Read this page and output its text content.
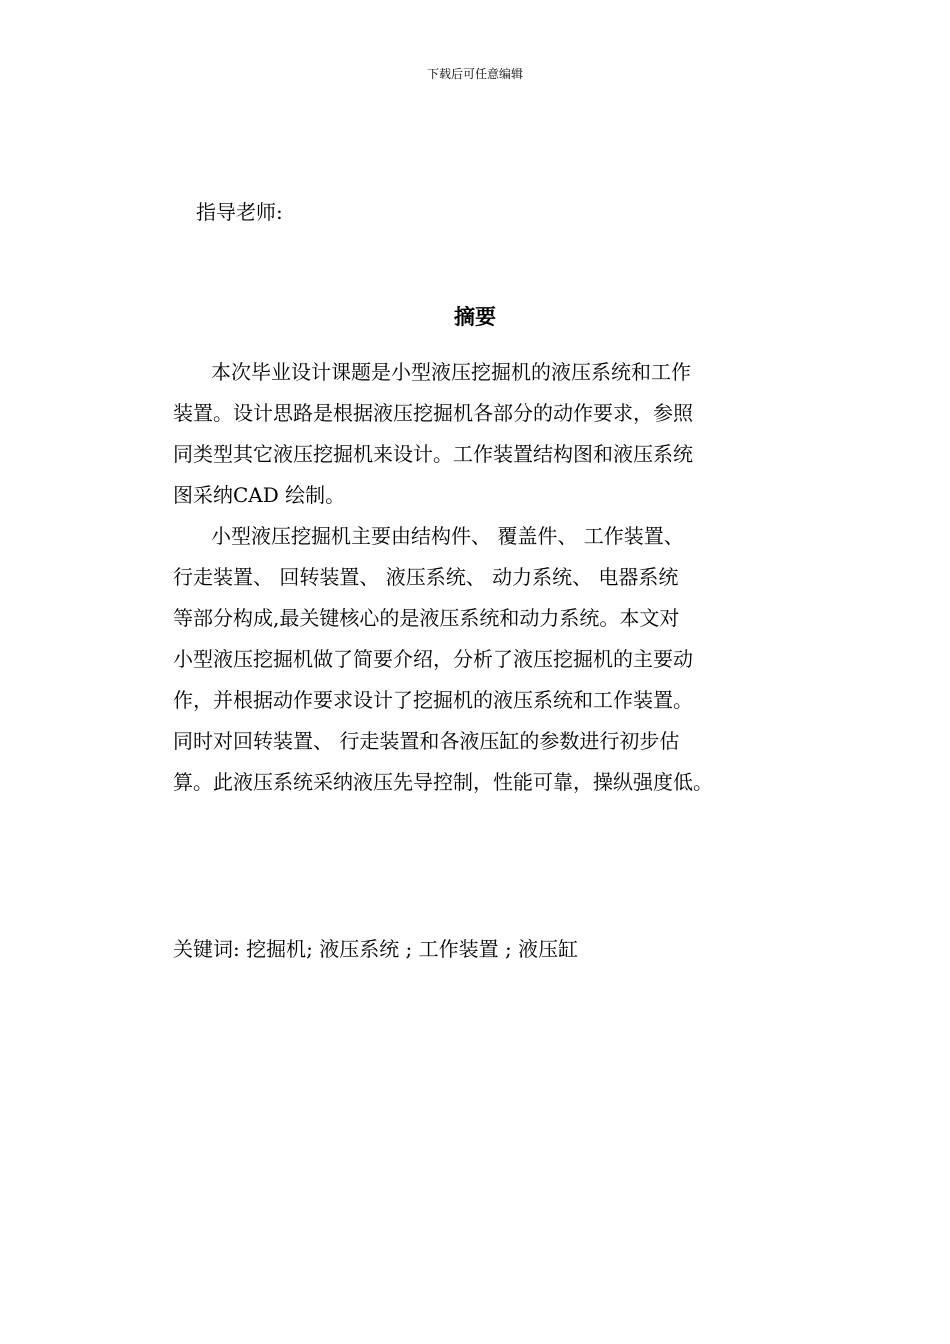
下载后可任意编辑
指导老师:
摘要

本次毕业设计课题是小型液压挖掘机的液压系统和工作
装置。设计思路是根据液压挖掘机各部分的动作要求，参照
同类型其它液压挖掘机来设计。工作装置结构图和液压系统
图采纳CAD 绘制。

小型液压挖掘机主要由结构件、 覆盖件、 工作装置、
行走装置、 回转装置、 液压系统、 动力系统、 电器系统
等部分构成,最关键核心的是液压系统和动力系统。本文对
小型液压挖掘机做了简要介绍，分析了液压挖掘机的主要动
作，并根据动作要求设计了挖掘机的液压系统和工作装置。
同时对回转装置、 行走装置和各液压缸的参数进行初步估
算。此液压系统采纳液压先导控制，性能可靠，操纵强度低。

关键词: 挖掘机; 液压系统 ; 工作装置 ; 液压缸
